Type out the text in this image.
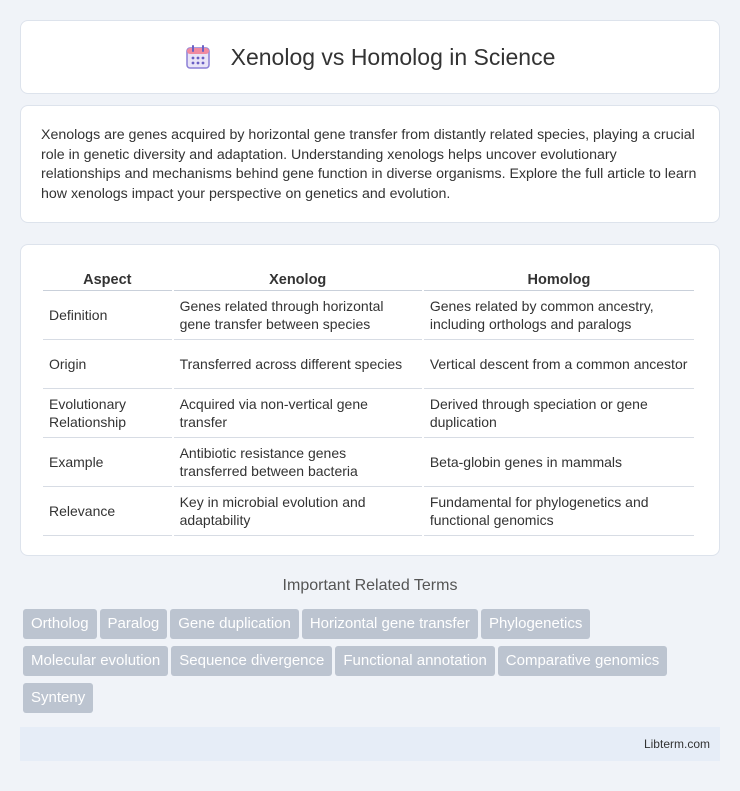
Xenolog vs Homolog in Science

Xenologs are genes acquired by horizontal gene transfer from distantly related species, playing a crucial role in genetic diversity and adaptation. Understanding xenologs helps uncover evolutionary relationships and mechanisms behind gene function in diverse organisms. Explore the full article to learn how xenologs impact your perspective on genetics and evolution.

Aspect	Xenolog	Homolog
Definition	Genes related through horizontal gene transfer between species	Genes related by common ancestry, including orthologs and paralogs
Origin	Transferred across different species	Vertical descent from a common ancestor
Evolutionary Relationship	Acquired via non-vertical gene transfer	Derived through speciation or gene duplication
Example	Antibiotic resistance genes transferred between bacteria	Beta-globin genes in mammals
Relevance	Key in microbial evolution and adaptability	Fundamental for phylogenetics and functional genomics
Important Related Terms
Ortholog Paralog Gene duplication Horizontal gene transfer Phylogenetics
Molecular evolution Sequence divergence Functional annotation Comparative genomics
Synteny
Libterm.com
